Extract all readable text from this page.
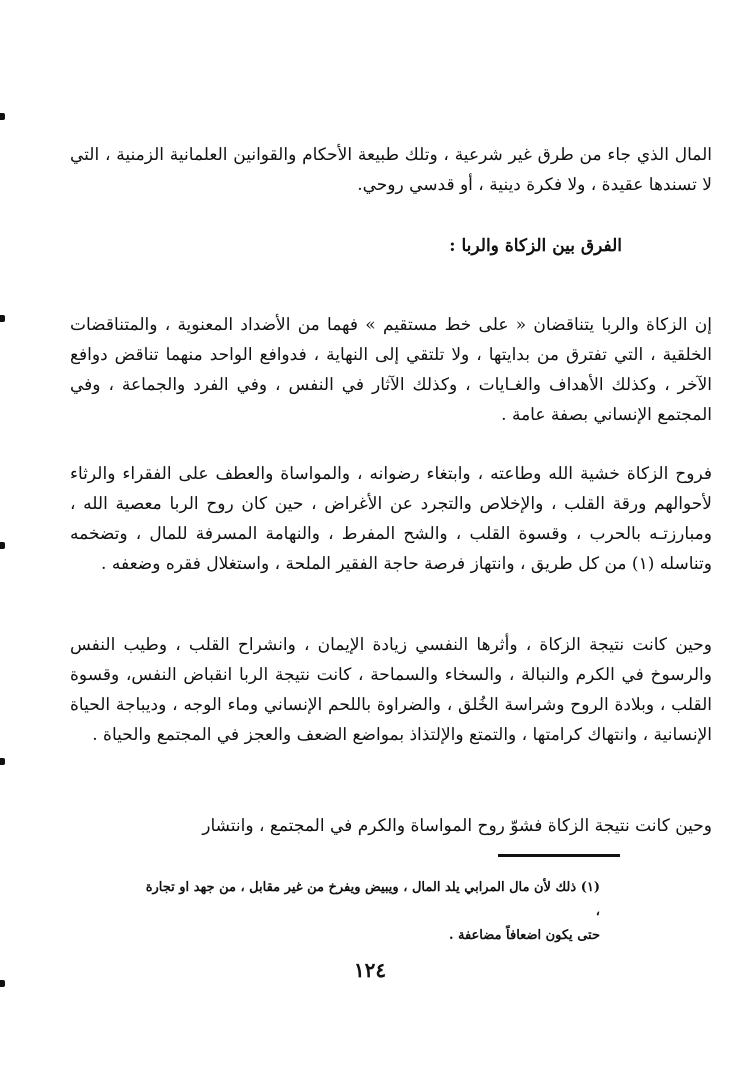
المال الذي جاء من طرق غير شرعية ، وتلك طبيعة الأحكام والقوانين العلمانية الزمنية ، التي لا تسندها عقيدة ، ولا فكرة دينية ، أو قدسي روحي.

الفرق بين الزكاة والربا :

إن الزكاة والربا يتناقضان « على خط مستقيم » فهما من الأضداد المعنوية ، والمتناقضات الخلقية ، التي تفترق من بدايتها ، ولا تلتقي إلى النهاية ، فدوافع الواحد منهما تناقض دوافع الآخر ، وكذلك الأهداف والغـايات ، وكذلك الآثار في النفس ، وفي الفرد والجماعة ، وفي المجتمع الإنساني بصفة عامة .

فروح الزكاة خشية الله وطاعته ، وابتغاء رضوانه ، والمواساة والعطف على الفقراء والرثاء لأحوالهم ورقة القلب ، والإخلاص والتجرد عن الأغراض ، حين كان روح الربا معصية الله ، ومبارزتـه بالحرب ، وقسوة القلب ، والشح المفرط ، والنهامة المسرفة للمال ، وتضخمه وتناسله (١) من كل طريق ، وانتهاز فرصة حاجة الفقير الملحة ، واستغلال فقره وضعفه .

وحين كانت نتيجة الزكاة ، وأثرها النفسي زيادة الإيمان ، وانشراح القلب ، وطيب النفس والرسوخ في الكرم والنبالة ، والسخاء والسماحة ، كانت نتيجة الربا انقباض النفس، وقسوة القلب ، وبلادة الروح وشراسة الخُلق ، والضراوة باللحم الإنساني وماء الوجه ، وديباجة الحياة الإنسانية ، وانتهاك كرامتها ، والتمتع والإلتذاذ بمواضع الضعف والعجز في المجتمع والحياة .

وحين كانت نتيجة الزكاة فشوّ روح المواساة والكرم في المجتمع ، وانتشار

(١) ذلك لأن مال المرابي يلد المال ، ويبيض ويفرخ من غير مقابل ، من جهد او تجارة ،

حتى يكون اضعافاً مضاعفة .

١٢٤
